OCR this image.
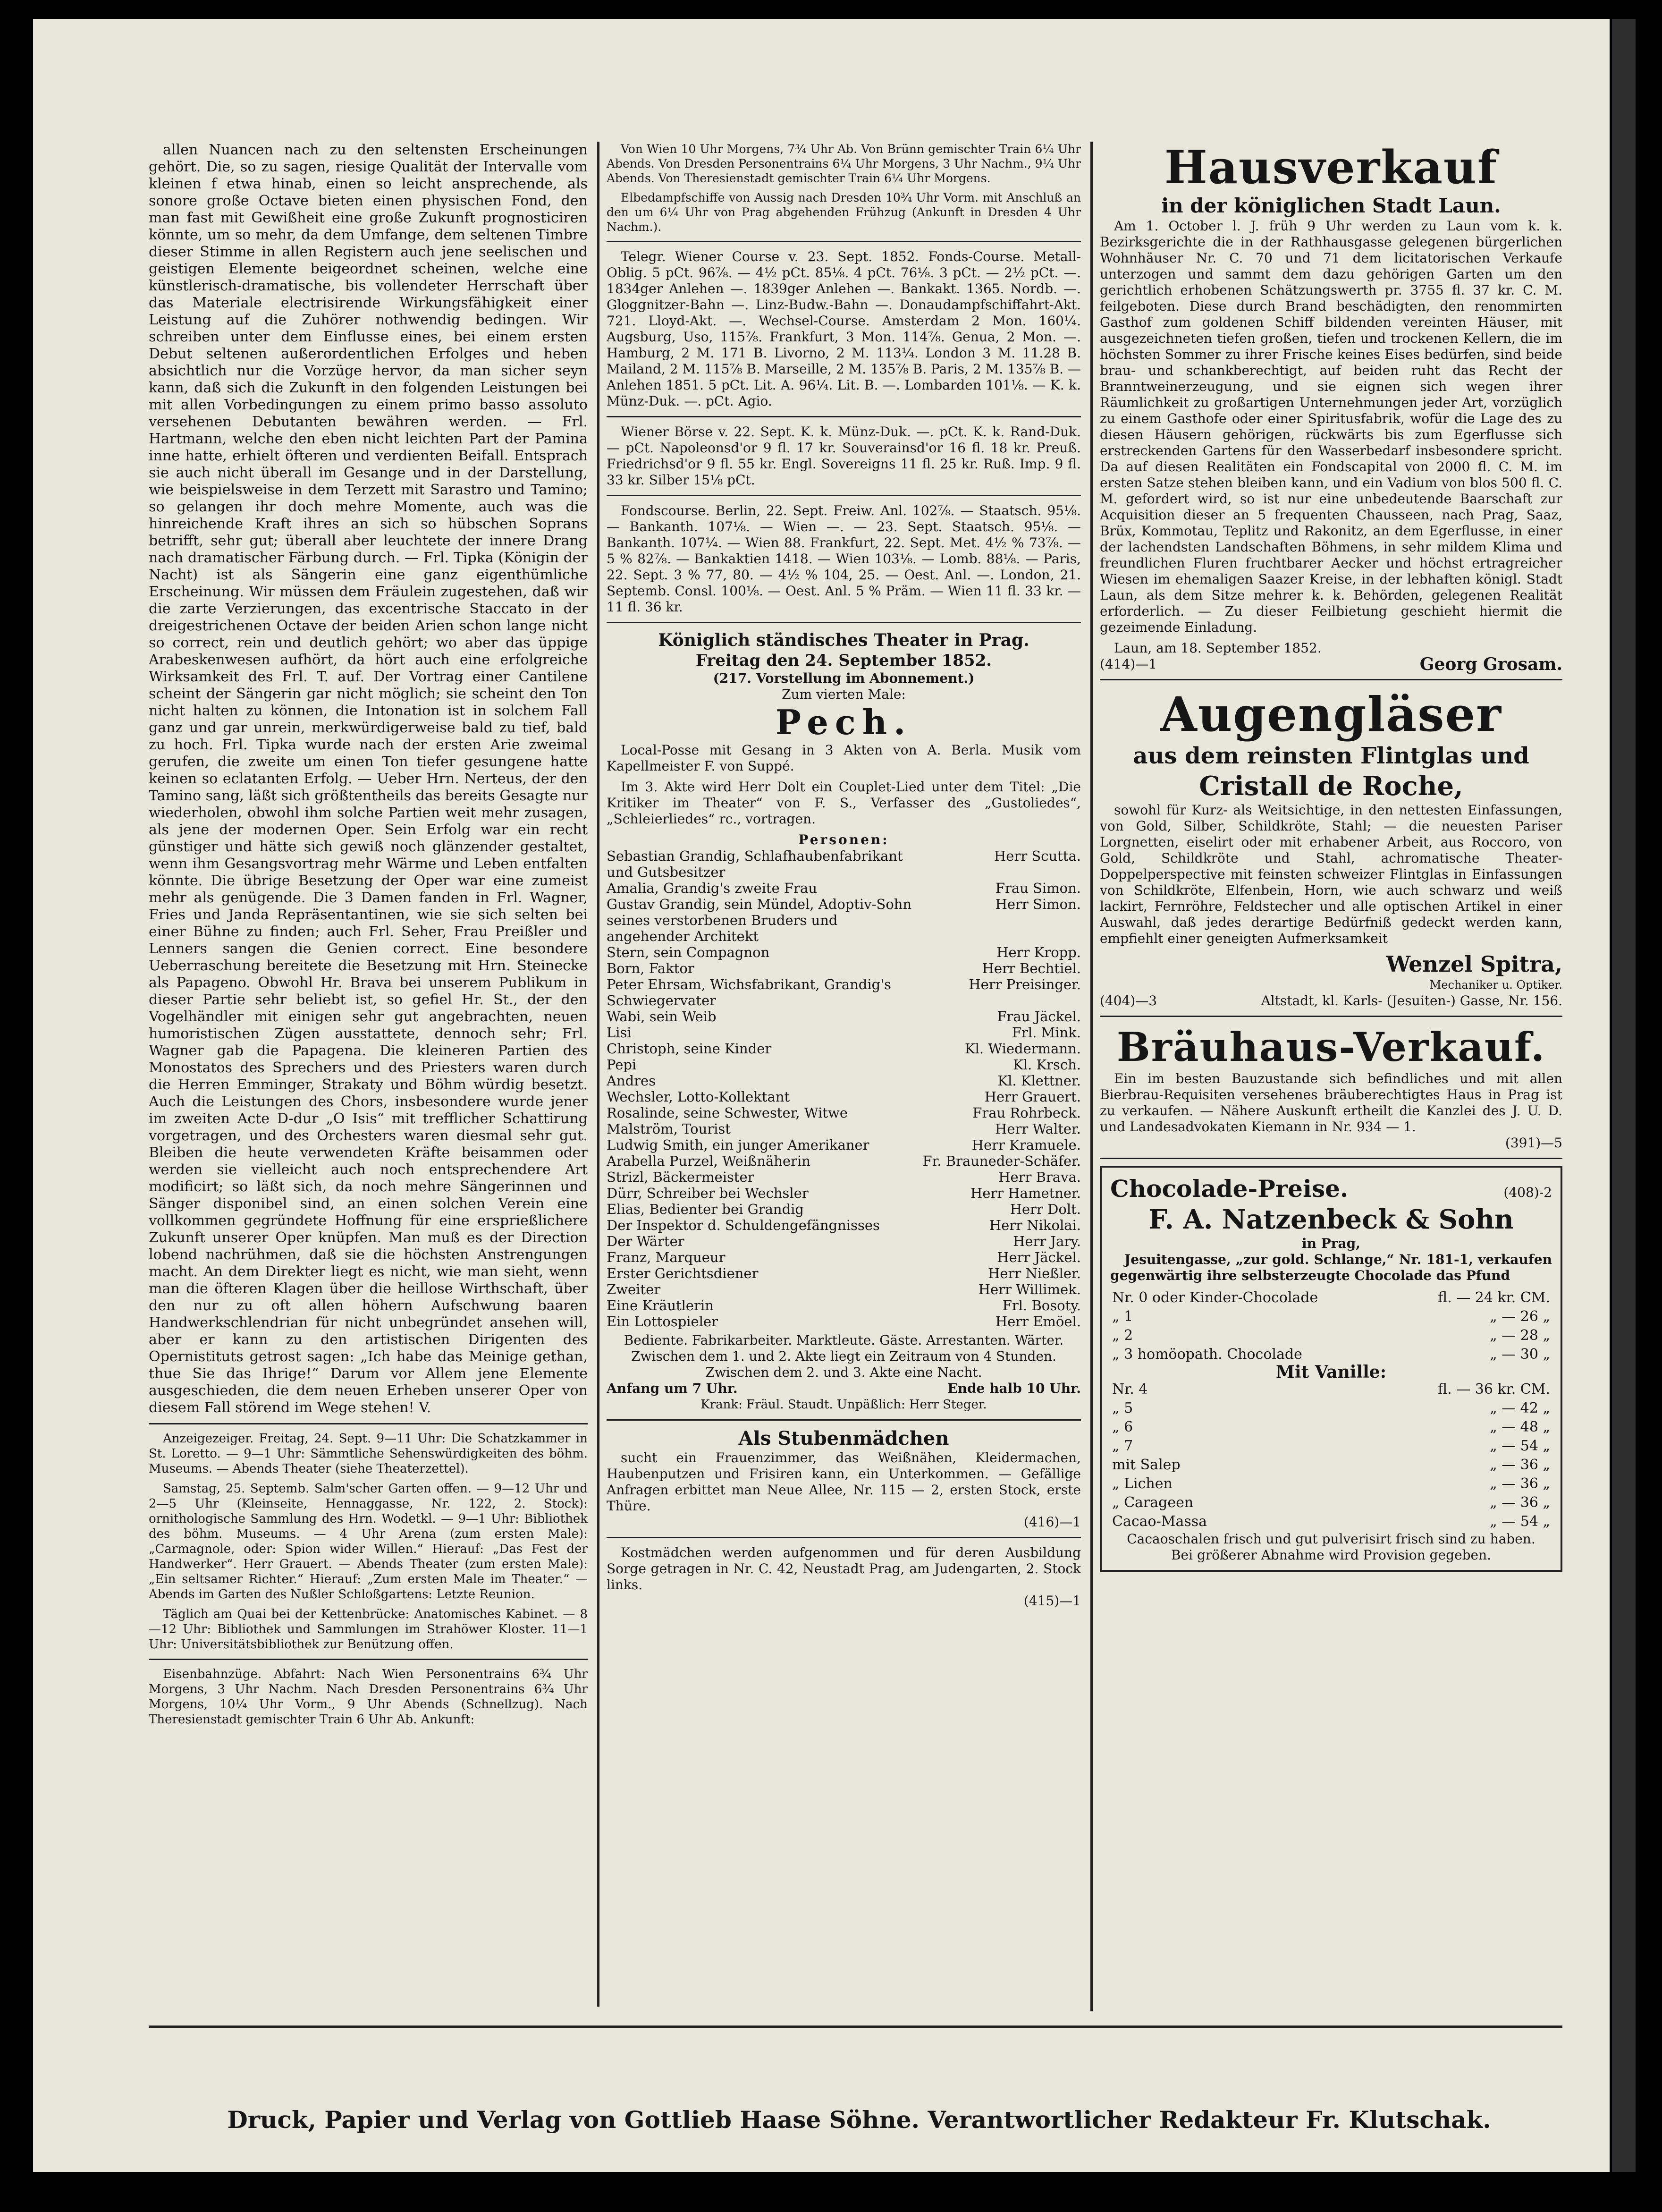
allen Nuancen nach zu den seltensten Erscheinungen gehört. Die, so zu sagen, riesige Qualität der Intervalle vom kleinen f etwa hinab, einen so leicht ansprechende, als sonore große Octave bieten einen physischen Fond, den man fast mit Gewißheit eine große Zukunft prognosticiren könnte, um so mehr, da dem Umfange, dem seltenen Timbre dieser Stimme in allen Registern auch jene seelischen und geistigen Elemente beigeordnet scheinen, welche eine künstlerisch-dramatische, bis vollendeter Herrschaft über das Materiale electrisirende Wirkungsfähigkeit einer Leistung auf die Zuhörer nothwendig bedingen. Wir schreiben unter dem Einflusse eines, bei einem ersten Debut seltenen außerordentlichen Erfolges und heben absichtlich nur die Vorzüge hervor, da man sicher seyn kann, daß sich die Zukunft in den folgenden Leistungen bei mit allen Vorbedingungen zu einem primo basso assoluto versehenen Debutanten bewähren werden. — Frl. Hartmann, welche den eben nicht leichten Part der Pamina inne hatte, erhielt öfteren und verdienten Beifall. Entsprach sie auch nicht überall im Gesange und in der Darstellung, wie beispielsweise in dem Terzett mit Sarastro und Tamino; so gelangen ihr doch mehre Momente, auch was die hinreichende Kraft ihres an sich so hübschen Soprans betrifft, sehr gut; überall aber leuchtete der innere Drang nach dramatischer Färbung durch. — Frl. Tipka (Königin der Nacht) ist als Sängerin eine ganz eigenthümliche Erscheinung. Wir müssen dem Fräulein zugestehen, daß wir die zarte Verzierungen, das excentrische Staccato in der dreigestrichenen Octave der beiden Arien schon lange nicht so correct, rein und deutlich gehört; wo aber das üppige Arabeskenwesen aufhört, da hört auch eine erfolgreiche Wirksamkeit des Frl. T. auf. Der Vortrag einer Cantilene scheint der Sängerin gar nicht möglich; sie scheint den Ton nicht halten zu können, die Intonation ist in solchem Fall ganz und gar unrein, merkwürdigerweise bald zu tief, bald zu hoch. Frl. Tipka wurde nach der ersten Arie zweimal gerufen, die zweite um einen Ton tiefer gesungene hatte keinen so eclatanten Erfolg. — Ueber Hrn. Nerteus, der den Tamino sang, läßt sich größtentheils das bereits Gesagte nur wiederholen, obwohl ihm solche Partien weit mehr zusagen, als jene der modernen Oper. Sein Erfolg war ein recht günstiger und hätte sich gewiß noch glänzender gestaltet, wenn ihm Gesangsvortrag mehr Wärme und Leben entfalten könnte. Die übrige Besetzung der Oper war eine zumeist mehr als genügende. Die 3 Damen fanden in Frl. Wagner, Fries und Janda Repräsentantinen, wie sie sich selten bei einer Bühne zu finden; auch Frl. Seher, Frau Preißler und Lenners sangen die Genien correct. Eine besondere Ueberraschung bereitete die Besetzung mit Hrn. Steinecke als Papageno. Obwohl Hr. Brava bei unserem Publikum in dieser Partie sehr beliebt ist, so gefiel Hr. St., der den Vogelhändler mit einigen sehr gut angebrachten, neuen humoristischen Zügen ausstattete, dennoch sehr; Frl. Wagner gab die Papagena. Die kleineren Partien des Monostatos des Sprechers und des Priesters waren durch die Herren Emminger, Strakaty und Böhm würdig besetzt. Auch die Leistungen des Chors, insbesondere wurde jener im zweiten Acte D-dur „O Isis“ mit trefflicher Schattirung vorgetragen, und des Orchesters waren diesmal sehr gut. Bleiben die heute verwendeten Kräfte beisammen oder werden sie vielleicht auch noch entsprechendere Art modificirt; so läßt sich, da noch mehre Sängerinnen und Sänger disponibel sind, an einen solchen Verein eine vollkommen gegründete Hoffnung für eine ersprießlichere Zukunft unserer Oper knüpfen. Man muß es der Direction lobend nachrühmen, daß sie die höchsten Anstrengungen macht. An dem Direkter liegt es nicht, wie man sieht, wenn man die öfteren Klagen über die heillose Wirthschaft, über den nur zu oft allen höhern Aufschwung baaren Handwerkschlendrian für nicht unbegründet ansehen will, aber er kann zu den artistischen Dirigenten des Opernistituts getrost sagen: „Ich habe das Meinige gethan, thue Sie das Ihrige!“ Darum vor Allem jene Elemente ausgeschieden, die dem neuen Erheben unserer Oper von diesem Fall störend im Wege stehen! V.

Anzeigezeiger. Freitag, 24. Sept. 9—11 Uhr: Die Schatzkammer in St. Loretto. — 9—1 Uhr: Sämmtliche Sehenswürdigkeiten des böhm. Museums. — Abends Theater (siehe Theaterzettel).

Samstag, 25. Septemb. Salm'scher Garten offen. — 9—12 Uhr und 2—5 Uhr (Kleinseite, Hennaggasse, Nr. 122, 2. Stock): ornithologische Sammlung des Hrn. Wodetkl. — 9—1 Uhr: Bibliothek des böhm. Museums. — 4 Uhr Arena (zum ersten Male): „Carmagnole, oder: Spion wider Willen.“ Hierauf: „Das Fest der Handwerker“. Herr Grauert. — Abends Theater (zum ersten Male): „Ein seltsamer Richter.“ Hierauf: „Zum ersten Male im Theater.“ — Abends im Garten des Nußler Schloßgartens: Letzte Reunion.

Täglich am Quai bei der Kettenbrücke: Anatomisches Kabinet. — 8—12 Uhr: Bibliothek und Sammlungen im Strahöwer Kloster. 11—1 Uhr: Universitätsbibliothek zur Benützung offen.

Eisenbahnzüge. Abfahrt: Nach Wien Personentrains 6¾ Uhr Morgens, 3 Uhr Nachm. Nach Dresden Personentrains 6¾ Uhr Morgens, 10¼ Uhr Vorm., 9 Uhr Abends (Schnellzug). Nach Theresienstadt gemischter Train 6 Uhr Ab. Ankunft:

Von Wien 10 Uhr Morgens, 7¾ Uhr Ab. Von Brünn gemischter Train 6¼ Uhr Abends. Von Dresden Personentrains 6¼ Uhr Morgens, 3 Uhr Nachm., 9¼ Uhr Abends. Von Theresienstadt gemischter Train 6¼ Uhr Morgens.

Elbedampfschiffe von Aussig nach Dresden 10¾ Uhr Vorm. mit Anschluß an den um 6¼ Uhr von Prag abgehenden Frühzug (Ankunft in Dresden 4 Uhr Nachm.).

Telegr. Wiener Course v. 23. Sept. 1852. Fonds-Course. Metall-Oblig. 5 pCt. 96⅞. — 4½ pCt. 85⅛. 4 pCt. 76⅛. 3 pCt. — 2½ pCt. —. 1834ger Anlehen —. 1839ger Anlehen —. Bankakt. 1365. Nordb. —. Gloggnitzer-Bahn —. Linz-Budw.-Bahn —. Donaudampfschiffahrt-Akt. 721. Lloyd-Akt. —. Wechsel-Course. Amsterdam 2 Mon. 160¼. Augsburg, Uso, 115⅞. Frankfurt, 3 Mon. 114⅞. Genua, 2 Mon. —. Hamburg, 2 M. 171 B. Livorno, 2 M. 113¼. London 3 M. 11.28 B. Mailand, 2 M. 115⅞ B. Marseille, 2 M. 135⅞ B. Paris, 2 M. 135⅞ B. — Anlehen 1851. 5 pCt. Lit. A. 96¼. Lit. B. —. Lombarden 101⅛. — K. k. Münz-Duk. —. pCt. Agio.

Wiener Börse v. 22. Sept. K. k. Münz-Duk. —. pCt. K. k. Rand-Duk. — pCt. Napoleonsd'or 9 fl. 17 kr. Souverainsd'or 16 fl. 18 kr. Preuß. Friedrichsd'or 9 fl. 55 kr. Engl. Sovereigns 11 fl. 25 kr. Ruß. Imp. 9 fl. 33 kr. Silber 15⅛ pCt.

Fondscourse. Berlin, 22. Sept. Freiw. Anl. 102⅞. — Staatsch. 95⅛. — Bankanth. 107⅛. — Wien —. — 23. Sept. Staatsch. 95⅛. — Bankanth. 107¼. — Wien 88. Frankfurt, 22. Sept. Met. 4½ % 73⅞. — 5 % 82⅞. — Bankaktien 1418. — Wien 103⅛. — Lomb. 88⅛. — Paris, 22. Sept. 3 % 77, 80. — 4½ % 104, 25. — Oest. Anl. —. London, 21. Septemb. Consl. 100⅛. — Oest. Anl. 5 % Präm. — Wien 11 fl. 33 kr. — 11 fl. 36 kr.

Königlich ständisches Theater in Prag.
Freitag den 24. September 1852.
(217. Vorstellung im Abonnement.)
Zum vierten Male:
Pech.

Local-Posse mit Gesang in 3 Akten von A. Berla. Musik vom Kapellmeister F. von Suppé.

Im 3. Akte wird Herr Dolt ein Couplet-Lied unter dem Titel: „Die Kritiker im Theater“ von F. S., Verfasser des „Gustoliedes“, „Schleierliedes“ rc., vortragen.

Personen:
Sebastian Grandig, Schlafhaubenfabrikant und Gutsbesitzer	Herr Scutta.
Amalia, Grandig's zweite Frau	Frau Simon.
Gustav Grandig, sein Mündel, Adoptiv-Sohn seines verstorbenen Bruders und angehender Architekt	Herr Simon.
Stern, sein Compagnon	Herr Kropp.
Born, Faktor	Herr Bechtiel.
Peter Ehrsam, Wichsfabrikant, Grandig's Schwiegervater	Herr Preisinger.
Wabi, sein Weib	Frau Jäckel.
Lisi	Frl. Mink.
Christoph, seine Kinder	Kl. Wiedermann.
Pepi	Kl. Krsch.
Andres	Kl. Klettner.
Wechsler, Lotto-Kollektant	Herr Grauert.
Rosalinde, seine Schwester, Witwe	Frau Rohrbeck.
Malström, Tourist	Herr Walter.
Ludwig Smith, ein junger Amerikaner	Herr Kramuele.
Arabella Purzel, Weißnäherin	Fr. Brauneder-Schäfer.
Strizl, Bäckermeister	Herr Brava.
Dürr, Schreiber bei Wechsler	Herr Hametner.
Elias, Bedienter bei Grandig	Herr Dolt.
Der Inspektor d. Schuldengefängnisses	Herr Nikolai.
Der Wärter	Herr Jary.
Franz, Marqueur	Herr Jäckel.
Erster Gerichtsdiener	Herr Nießler.
Zweiter	Herr Willimek.
Eine Kräutlerin	Frl. Bosoty.
Ein Lottospieler	Herr Emöel.
Bediente. Fabrikarbeiter. Marktleute. Gäste. Arrestanten. Wärter.
Zwischen dem 1. und 2. Akte liegt ein Zeitraum von 4 Stunden. Zwischen dem 2. und 3. Akte eine Nacht.
Anfang um 7 Uhr.	Ende halb 10 Uhr.
Krank: Fräul. Staudt. Unpäßlich: Herr Steger.
Als Stubenmädchen

sucht ein Frauenzimmer, das Weißnähen, Kleidermachen, Haubenputzen und Frisiren kann, ein Unterkommen. — Gefällige Anfragen erbittet man Neue Allee, Nr. 115 — 2, ersten Stock, erste Thüre.

(416)—1

Kostmädchen werden aufgenommen und für deren Ausbildung Sorge getragen in Nr. C. 42, Neustadt Prag, am Judengarten, 2. Stock links.

(415)—1
Hausverkauf
in der königlichen Stadt Laun.

Am 1. October l. J. früh 9 Uhr werden zu Laun vom k. k. Bezirksgerichte die in der Rathhausgasse gelegenen bürgerlichen Wohnhäuser Nr. C. 70 und 71 dem licitatorischen Verkaufe unterzogen und sammt dem dazu gehörigen Garten um den gerichtlich erhobenen Schätzungswerth pr. 3755 fl. 37 kr. C. M. feilgeboten. Diese durch Brand beschädigten, den renommirten Gasthof zum goldenen Schiff bildenden vereinten Häuser, mit ausgezeichneten tiefen großen, tiefen und trockenen Kellern, die im höchsten Sommer zu ihrer Frische keines Eises bedürfen, sind beide brau- und schankberechtigt, auf beiden ruht das Recht der Branntweinerzeugung, und sie eignen sich wegen ihrer Räumlichkeit zu großartigen Unternehmungen jeder Art, vorzüglich zu einem Gasthofe oder einer Spiritusfabrik, wofür die Lage des zu diesen Häusern gehörigen, rückwärts bis zum Egerflusse sich erstreckenden Gartens für den Wasserbedarf insbesondere spricht. Da auf diesen Realitäten ein Fondscapital von 2000 fl. C. M. im ersten Satze stehen bleiben kann, und ein Vadium von blos 500 fl. C. M. gefordert wird, so ist nur eine unbedeutende Baarschaft zur Acquisition dieser an 5 frequenten Chausseen, nach Prag, Saaz, Brüx, Kommotau, Teplitz und Rakonitz, an dem Egerflusse, in einer der lachendsten Landschaften Böhmens, in sehr mildem Klima und freundlichen Fluren fruchtbarer Aecker und höchst ertragreicher Wiesen im ehemaligen Saazer Kreise, in der lebhaften königl. Stadt Laun, als dem Sitze mehrer k. k. Behörden, gelegenen Realität erforderlich. — Zu dieser Feilbietung geschieht hiermit die gezeimende Einladung.

Laun, am 18. September 1852.
(414)—1	Georg Grosam.
Augengläser
aus dem reinsten Flintglas und
Cristall de Roche,

sowohl für Kurz- als Weitsichtige, in den nettesten Einfassungen, von Gold, Silber, Schildkröte, Stahl; — die neuesten Pariser Lorgnetten, eiselirt oder mit erhabener Arbeit, aus Roccoro, von Gold, Schildkröte und Stahl, achromatische Theater-Doppelperspective mit feinsten schweizer Flintglas in Einfassungen von Schildkröte, Elfenbein, Horn, wie auch schwarz und weiß lackirt, Fernröhre, Feldstecher und alle optischen Artikel in einer Auswahl, daß jedes derartige Bedürfniß gedeckt werden kann, empfiehlt einer geneigten Aufmerksamkeit

Wenzel Spitra,
Mechaniker u. Optiker.
(404)—3	Altstadt, kl. Karls- (Jesuiten-) Gasse, Nr. 156.
Bräuhaus-Verkauf.

Ein im besten Bauzustande sich befindliches und mit allen Bierbrau-Requisiten versehenes bräuberechtigtes Haus in Prag ist zu verkaufen. — Nähere Auskunft ertheilt die Kanzlei des J. U. D. und Landesadvokaten Kiemann in Nr. 934 — 1.

(391)—5
Chocolade-Preise.	(408)-2
F. A. Natzenbeck & Sohn
in Prag,

Jesuitengasse, „zur gold. Schlange,“ Nr. 181-1, verkaufen gegenwärtig ihre selbsterzeugte Chocolade das Pfund

Nr. 0 oder Kinder-Chocolade	fl. — 24 kr. CM.
„ 1	„ — 26 „
„ 2	„ — 28 „
„ 3 homöopath. Chocolade	„ — 30 „
Mit Vanille:
Nr. 4	fl. — 36 kr. CM.
„ 5	„ — 42 „
„ 6	„ — 48 „
„ 7	„ — 54 „
mit Salep	„ — 36 „
„ Lichen	„ — 36 „
„ Carageen	„ — 36 „
Cacao-Massa	„ — 54 „
Cacaoschalen frisch und gut pulverisirt frisch sind zu haben.
Bei größerer Abnahme wird Provision gegeben.
Druck, Papier und Verlag von Gottlieb Haase Söhne. Verantwortlicher Redakteur Fr. Klutschak.
